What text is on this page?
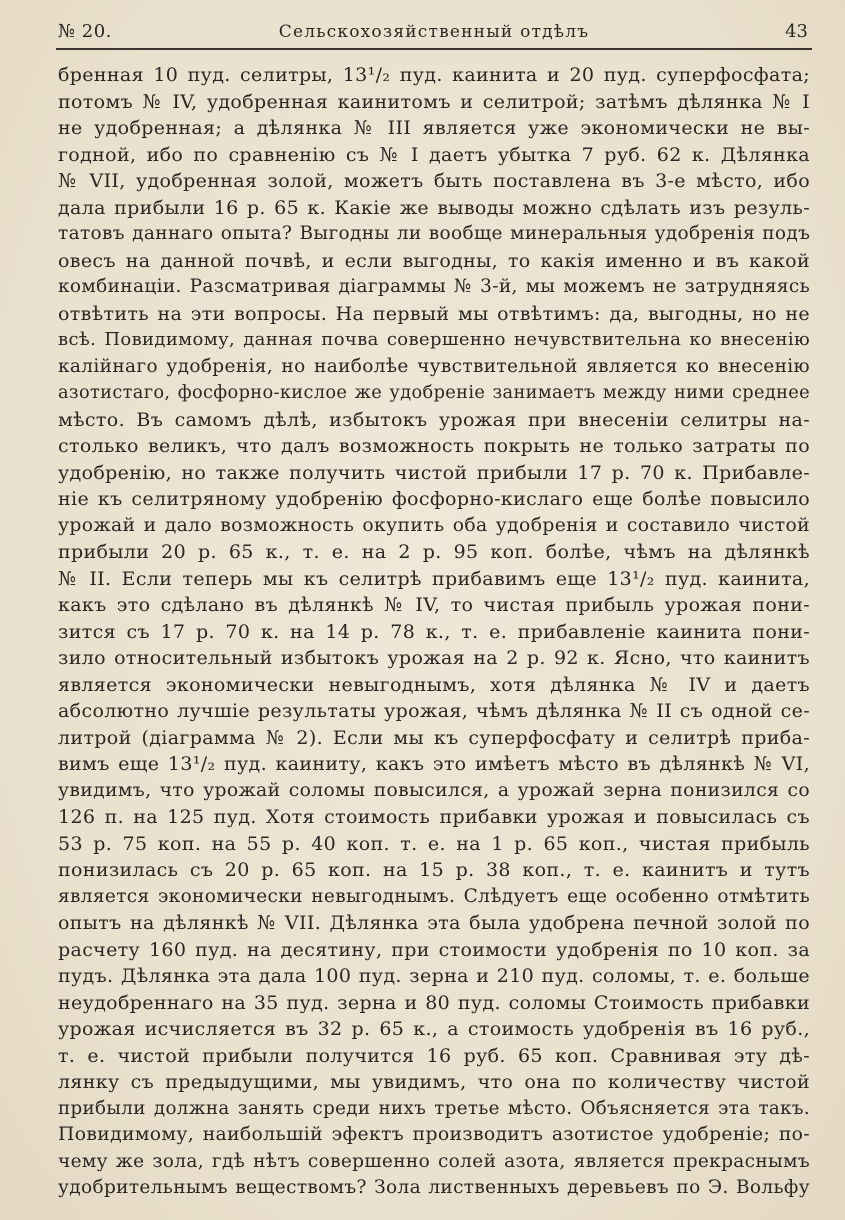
№ 20.	Сельскохозяйственный отдѣлъ	43
бренная 10 пуд. селитры, 13¹/₂ пуд. каинита и 20 пуд. суперфосфата;
потомъ № IV, удобренная каинитомъ и селитрой; затѣмъ дѣлянка № I
не удобренная; а дѣлянка № III является уже экономически не вы-
годной, ибо по сравненію съ № I даетъ убытка 7 руб. 62 к. Дѣлянка
№ VII, удобренная золой, можетъ быть поставлена въ 3-е мѣсто, ибо
дала прибыли 16 р. 65 к. Какіе же выводы можно сдѣлать изъ резуль-
татовъ даннаго опыта? Выгодны ли вообще минеральныя удобренія подъ
овесъ на данной почвѣ, и если выгодны, то какія именно и въ какой
комбинаціи. Разсматривая діаграммы № 3-й, мы можемъ не затрудняясь
отвѣтить на эти вопросы. На первый мы отвѣтимъ: да, выгодны, но не
всѣ. Повидимому, данная почва совершенно нечувствительна ко внесенію
калійнаго удобренія, но наиболѣе чувствительной является ко внесенію
азотистаго, фосфорно-кислое же удобреніе занимаетъ между ними среднее
мѣсто. Въ самомъ дѣлѣ, избытокъ урожая при внесеніи селитры на-
столько великъ, что далъ возможность покрыть не только затраты по
удобренію, но также получить чистой прибыли 17 р. 70 к. Прибавле-
ніе къ селитряному удобренію фосфорно-кислаго еще болѣе повысило
урожай и дало возможность окупить оба удобренія и составило чистой
прибыли 20 р. 65 к., т. е. на 2 р. 95 коп. болѣе, чѣмъ на дѣлянкѣ
№ II. Если теперь мы къ селитрѣ прибавимъ еще 13¹/₂ пуд. каинита,
какъ это сдѣлано въ дѣлянкѣ № IV, то чистая прибыль урожая пони-
зится съ 17 р. 70 к. на 14 р. 78 к., т. е. прибавленіе каинита пони-
зило относительный избытокъ урожая на 2 р. 92 к. Ясно, что каинитъ
является экономически невыгоднымъ, хотя дѣлянка № IV и даетъ
абсолютно лучшіе результаты урожая, чѣмъ дѣлянка № II съ одной се-
литрой (діаграмма № 2). Если мы къ суперфосфату и селитрѣ приба-
вимъ еще 13¹/₂ пуд. каиниту, какъ это имѣетъ мѣсто въ дѣлянкѣ № VI,
увидимъ, что урожай соломы повысился, а урожай зерна понизился со
126 п. на 125 пуд. Хотя стоимость прибавки урожая и повысилась съ
53 р. 75 коп. на 55 р. 40 коп. т. е. на 1 р. 65 коп., чистая прибыль
понизилась съ 20 р. 65 коп. на 15 р. 38 коп., т. е. каинитъ и тутъ
является экономически невыгоднымъ. Слѣдуетъ еще особенно отмѣтить
опытъ на дѣлянкѣ № VII. Дѣлянка эта была удобрена печной золой по
расчету 160 пуд. на десятину, при стоимости удобренія по 10 коп. за
пудъ. Дѣлянка эта дала 100 пуд. зерна и 210 пуд. соломы, т. е. больше
неудобреннаго на 35 пуд. зерна и 80 пуд. соломы Стоимость прибавки
урожая исчисляется въ 32 р. 65 к., а стоимость удобренія въ 16 руб.,
т. е. чистой прибыли получится 16 руб. 65 коп. Сравнивая эту дѣ-
лянку съ предыдущими, мы увидимъ, что она по количеству чистой
прибыли должна занять среди нихъ третье мѣсто. Объясняется эта такъ.
Повидимому, наибольшій эфектъ производитъ азотистое удобреніе; по-
чему же зола, гдѣ нѣтъ совершенно солей азота, является прекраснымъ
удобрительнымъ веществомъ? Зола лиственныхъ деревьевъ по Э. Вольфу
